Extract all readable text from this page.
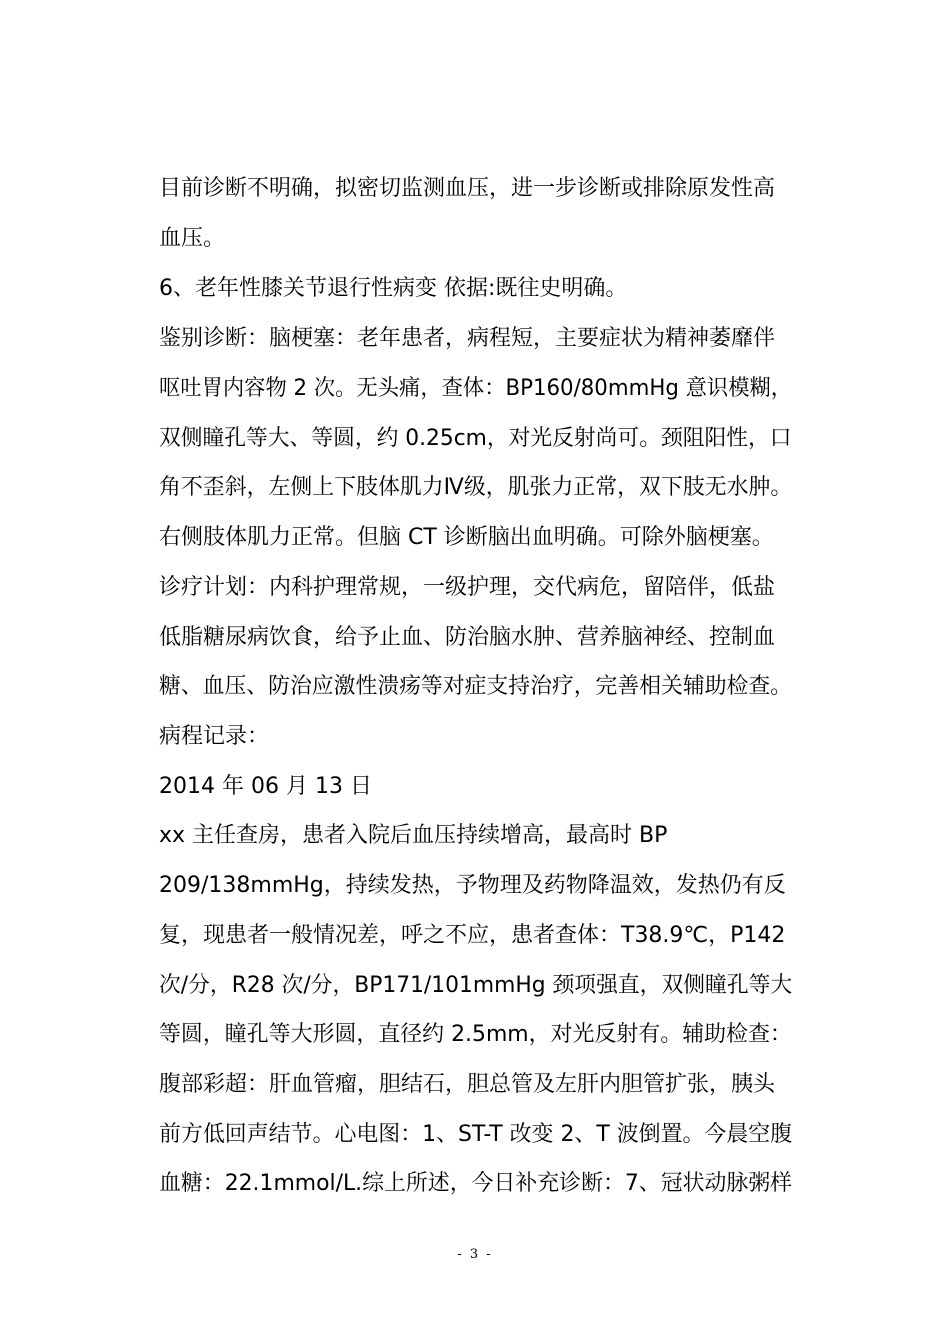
目前诊断不明确，拟密切监测血压，进一步诊断或排除原发性高
血压。
6、老年性膝关节退行性病变 依据:既往史明确。
鉴别诊断：脑梗塞：老年患者，病程短，主要症状为精神萎靡伴
呕吐胃内容物 2 次。无头痛，查体：BP160/80mmHg 意识模糊，
双侧瞳孔等大、等圆，约 0.25cm，对光反射尚可。颈阻阳性，口
角不歪斜，左侧上下肢体肌力Ⅳ级，肌张力正常，双下肢无水肿。
右侧肢体肌力正常。但脑 CT 诊断脑出血明确。可除外脑梗塞。
诊疗计划：内科护理常规，一级护理，交代病危，留陪伴，低盐
低脂糖尿病饮食，给予止血、防治脑水肿、营养脑神经、控制血
糖、血压、防治应激性溃疡等对症支持治疗，完善相关辅助检查。
病程记录：
2014 年 06 月 13 日
xx 主任查房，患者入院后血压持续增高，最高时 BP
209/138mmHg，持续发热，予物理及药物降温效，发热仍有反
复，现患者一般情况差，呼之不应，患者查体：T38.9℃，P142
次/分，R28 次/分，BP171/101mmHg 颈项强直，双侧瞳孔等大
等圆，瞳孔等大形圆，直径约 2.5mm，对光反射有。辅助检查：
腹部彩超：肝血管瘤，胆结石，胆总管及左肝内胆管扩张，胰头
前方低回声结节。心电图：1、ST-T 改变 2、T 波倒置。今晨空腹
血糖：22.1mmol/L.综上所述，今日补充诊断：7、冠状动脉粥样
- 3 -
